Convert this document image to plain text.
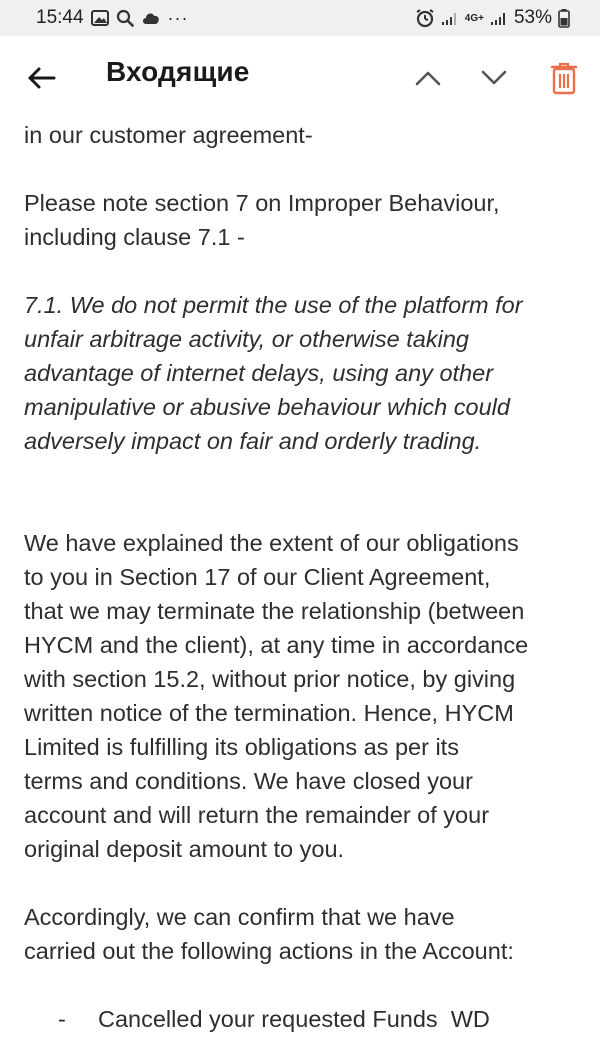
15:44	···	4G+ 53%
Входящие

in our customer agreement-

Please note section 7 on Improper Behaviour,

including clause 7.1 -

7.1. We do not permit the use of the platform for

unfair arbitrage activity, or otherwise taking

advantage of internet delays, using any other

manipulative or abusive behaviour which could

adversely impact on fair and orderly trading.

We have explained the extent of our obligations

to you in Section 17 of our Client Agreement,

that we may terminate the relationship (between

HYCM and the client), at any time in accordance

with section 15.2, without prior notice, by giving

written notice of the termination. Hence, HYCM

Limited is fulfilling its obligations as per its

terms and conditions. We have closed your

account and will return the remainder of your

original deposit amount to you.

Accordingly, we can confirm that we have

carried out the following actions in the Account:

-	Cancelled your requested Funds  WD
